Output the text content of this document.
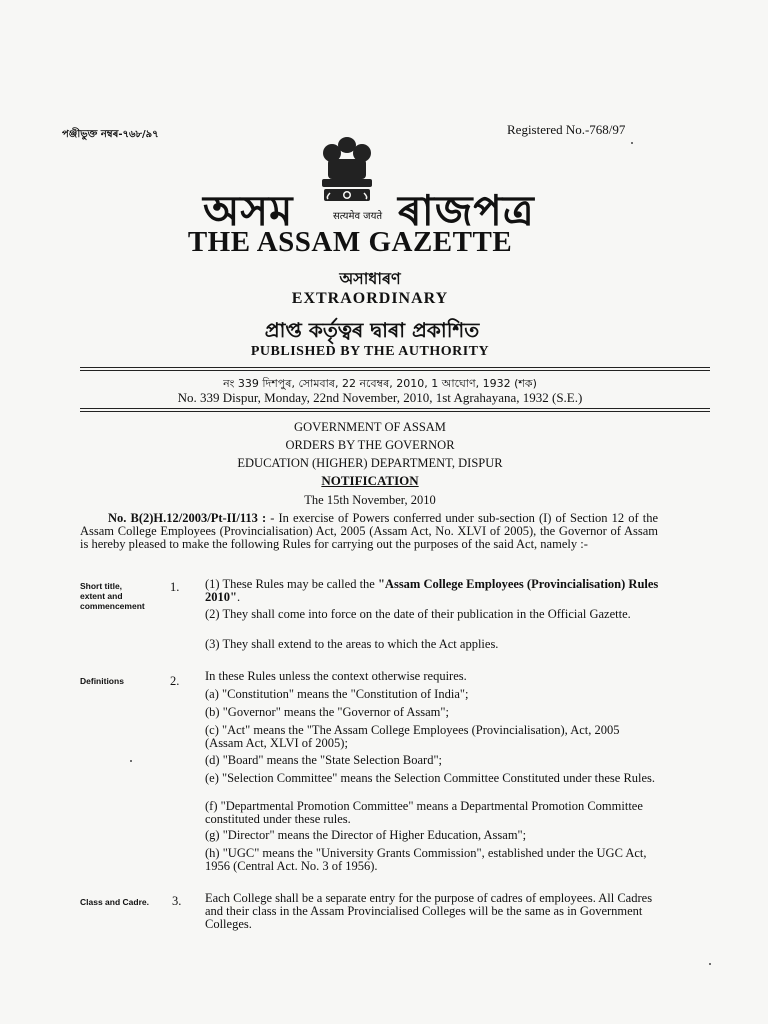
পঞ্জীভুক্ত নম্বৰ-৭৬৮/৯৭	Registered No.-768/97
অসম ৰাজপত্ৰ
सत्यमेव जयते
THE ASSAM GAZETTE
অসাধাৰণ
EXTRAORDINARY
প্ৰাপ্ত কৰ্তৃত্বৰ দ্বাৰা প্ৰকাশিত
PUBLISHED BY THE AUTHORITY
নং 339 দিশপুৰ, সোমবাৰ, 22 নবেম্বৰ, 2010, 1 আঘোণ, 1932 (শক)
No. 339 Dispur, Monday, 22nd November, 2010, 1st Agrahayana, 1932 (S.E.)
GOVERNMENT OF ASSAM
ORDERS BY THE GOVERNOR
EDUCATION (HIGHER) DEPARTMENT, DISPUR
NOTIFICATION
The 15th November, 2010
No. B(2)H.12/2003/Pt-II/113 : - In exercise of Powers conferred under sub-section (I) of Section 12 of the Assam College Employees (Provincialisation) Act, 2005 (Assam Act, No. XLVI of 2005), the Governor of Assam is hereby pleased to make the following Rules for carrying out the purposes of the said Act, namely :-
Short title,
extent and
commencement
1. (1) These Rules may be called the "Assam College Employees (Provincialisation) Rules 2010".
(2) They shall come into force on the date of their publication in the Official Gazette.
(3) They shall extend to the areas to which the Act applies.
Definitions	2. In these Rules unless the context otherwise requires.
(a) "Constitution" means the "Constitution of India";
(b) "Governor" means the "Governor of Assam";
(c) "Act" means the "The Assam College Employees (Provincialisation), Act, 2005 (Assam Act, XLVI of 2005);
(d) "Board" means the "State Selection Board";
(e) "Selection Committee" means the Selection Committee Constituted under these Rules.
(f) "Departmental Promotion Committee" means a Departmental Promotion Committee constituted under these rules.
(g) "Director" means the Director of Higher Education, Assam";
(h) "UGC" means the "University Grants Commission", established under the UGC Act, 1956 (Central Act. No. 3 of 1956).
Class and Cadre. 3. Each College shall be a separate entry for the purpose of cadres of employees. All Cadres and their class in the Assam Provincialised Colleges will be the same as in Government Colleges.
